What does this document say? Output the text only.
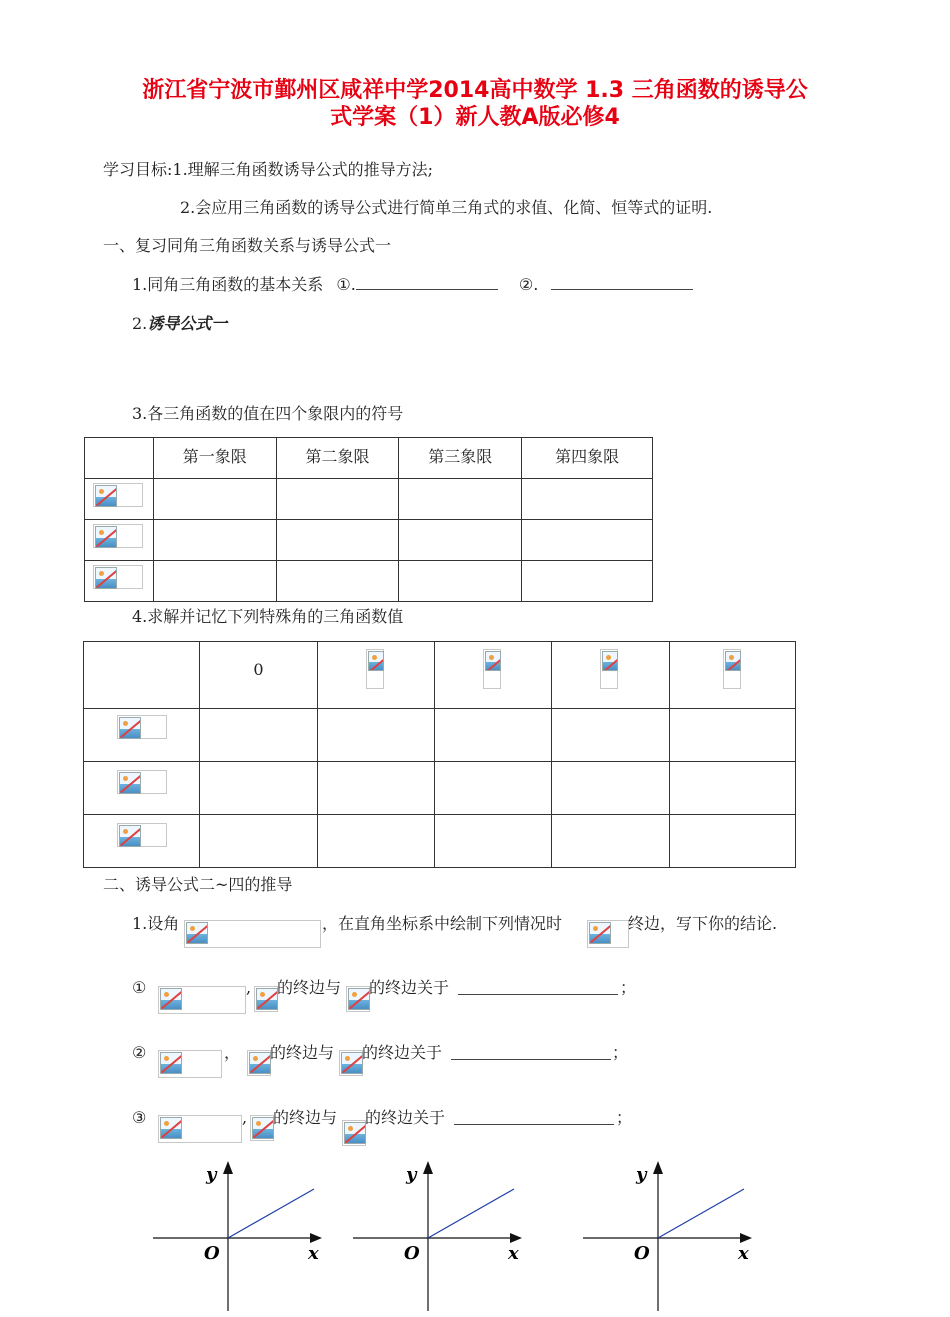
浙江省宁波市鄞州区咸祥中学2014高中数学 1.3 三角函数的诱导公
式学案（1）新人教A版必修4
学习目标:1.理解三角函数诱导公式的推导方法;
2.会应用三角函数的诱导公式进行简单三角式的求值、化简、恒等式的证明.
一、复习同角三角函数关系与诱导公式一
1.同角三角函数的基本关系 ①.	②.
2.诱导公式一
3.各三角函数的值在四个象限内的符号
	第一象限	第二象限	第三象限	第四象限

4.求解并记忆下列特殊角的三角函数值
	0	

二、诱导公式二~四的推导
1.设角	，在直角坐标系中绘制下列情况时	终边，写下你的结论.
①	, 的终边与 的终边关于	；
②	， 的终边与 的终边关于	；
③	, 的终边与 的终边关于	；
y
x
O
y
x
O
y
x
O
